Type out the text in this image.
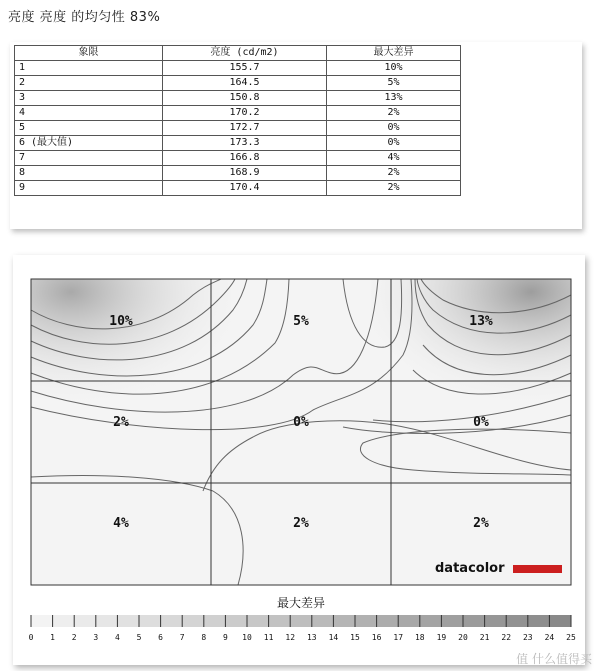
亮度 亮度 的均匀性 83%
象限	亮度 (cd/m2)	最大差异
1	155.7	10%
2	164.5	5%
3	150.8	13%
4	170.2	2%
5	172.7	0%
6 (最大值)	173.3	0%
7	166.8	4%
8	168.9	2%
9	170.4	2%
10%	5%	13%
2%	0%	0%
4%	2%	2%
datacolor
最大差异
0 1 2 3 4 5 6 7 8 9 10 11 12 13 14 15 16 17 18 19 20 21 22 23 24 25
值 什么值得买
